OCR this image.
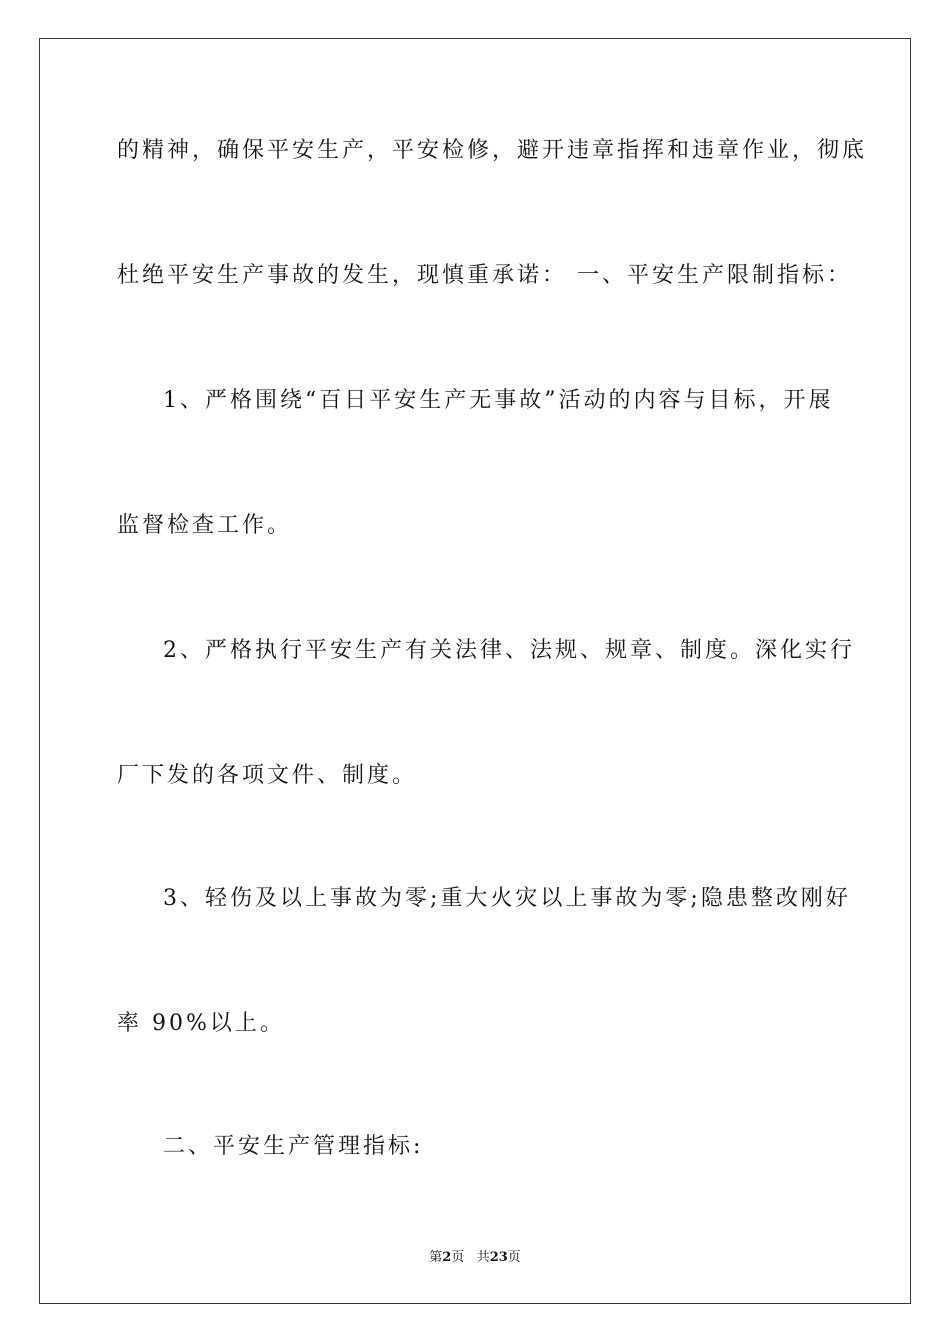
的精神，确保平安生产，平安检修，避开违章指挥和违章作业，彻底
杜绝平安生产事故的发生，现慎重承诺： 一、平安生产限制指标：
1、严格围绕“百日平安生产无事故”活动的内容与目标，开展
监督检查工作。
2、严格执行平安生产有关法律、法规、规章、制度。深化实行
厂下发的各项文件、制度。
3、轻伤及以上事故为零;重大火灾以上事故为零;隐患整改刚好
率 90%以上。
二、平安生产管理指标:
第2页 共23页
